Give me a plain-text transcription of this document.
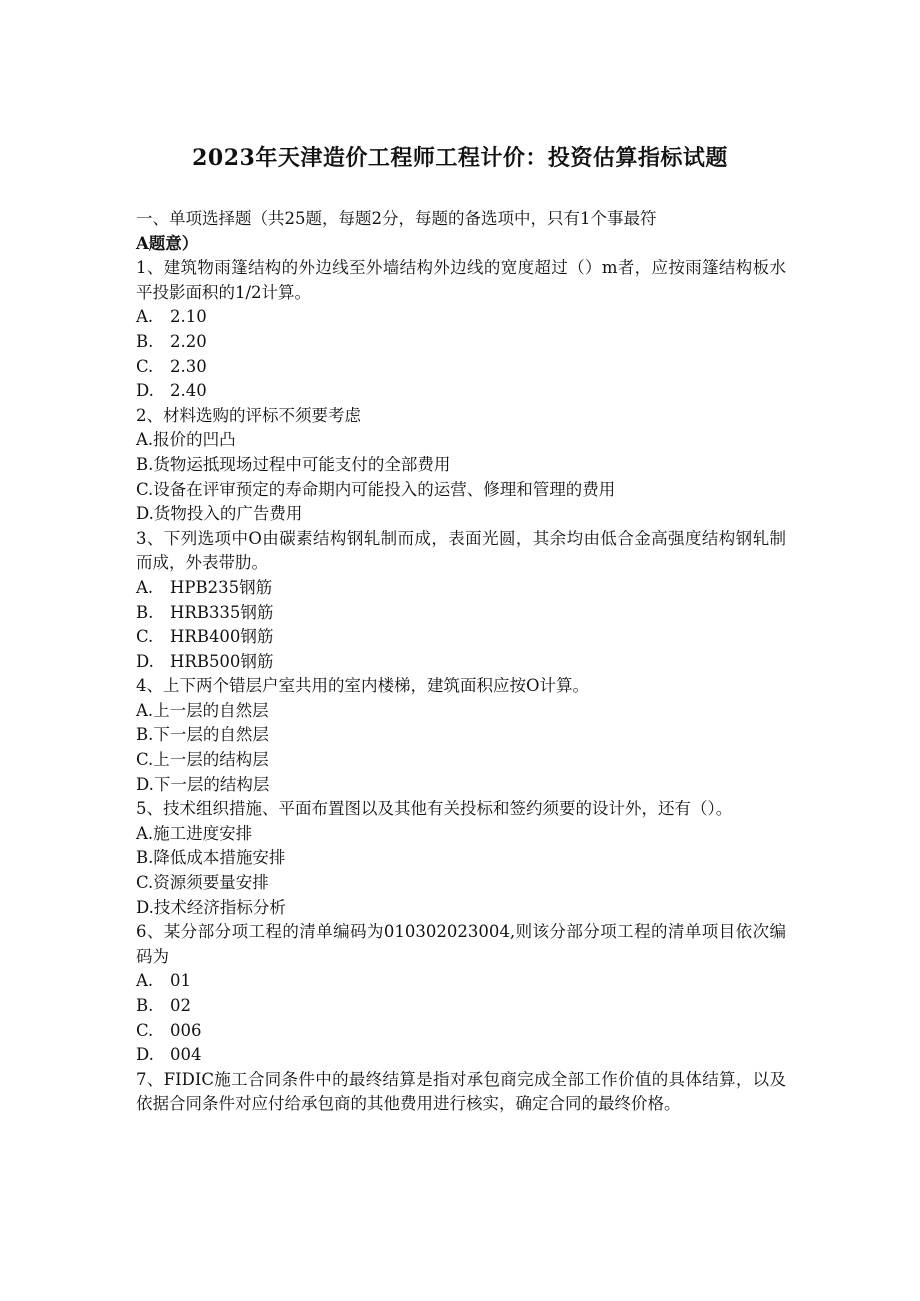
2023年天津造价工程师工程计价：投资估算指标试题
一、单项选择题（共25题，每题2分，每题的备选项中，只有1个事最符
A题意）
1、建筑物雨篷结构的外边线至外墙结构外边线的宽度超过（）m者，应按雨篷结构板水平投影面积的1/2计算。
A. 2.10
B. 2.20
C. 2.30
D. 2.40
2、材料选购的评标不须要考虑
A.报价的凹凸
B.货物运抵现场过程中可能支付的全部费用
C.设备在评审预定的寿命期内可能投入的运营、修理和管理的费用
D.货物投入的广告费用
3、下列选项中O由碳素结构钢轧制而成，表面光圆，其余均由低合金高强度结构钢轧制而成，外表带肋。
A. HPB235钢筋
B. HRB335钢筋
C. HRB400钢筋
D. HRB500钢筋
4、上下两个错层户室共用的室内楼梯，建筑面积应按O计算。
A.上一层的自然层
B.下一层的自然层
C.上一层的结构层
D.下一层的结构层
5、技术组织措施、平面布置图以及其他有关投标和签约须要的设计外，还有（）。
A.施工进度安排
B.降低成本措施安排
C.资源须要量安排
D.技术经济指标分析
6、某分部分项工程的清单编码为010302023004,则该分部分项工程的清单项目依次编码为
A. 01
B. 02
C. 006
D. 004
7、FIDIC施工合同条件中的最终结算是指对承包商完成全部工作价值的具体结算，以及依据合同条件对应付给承包商的其他费用进行核实，确定合同的最终价格。
